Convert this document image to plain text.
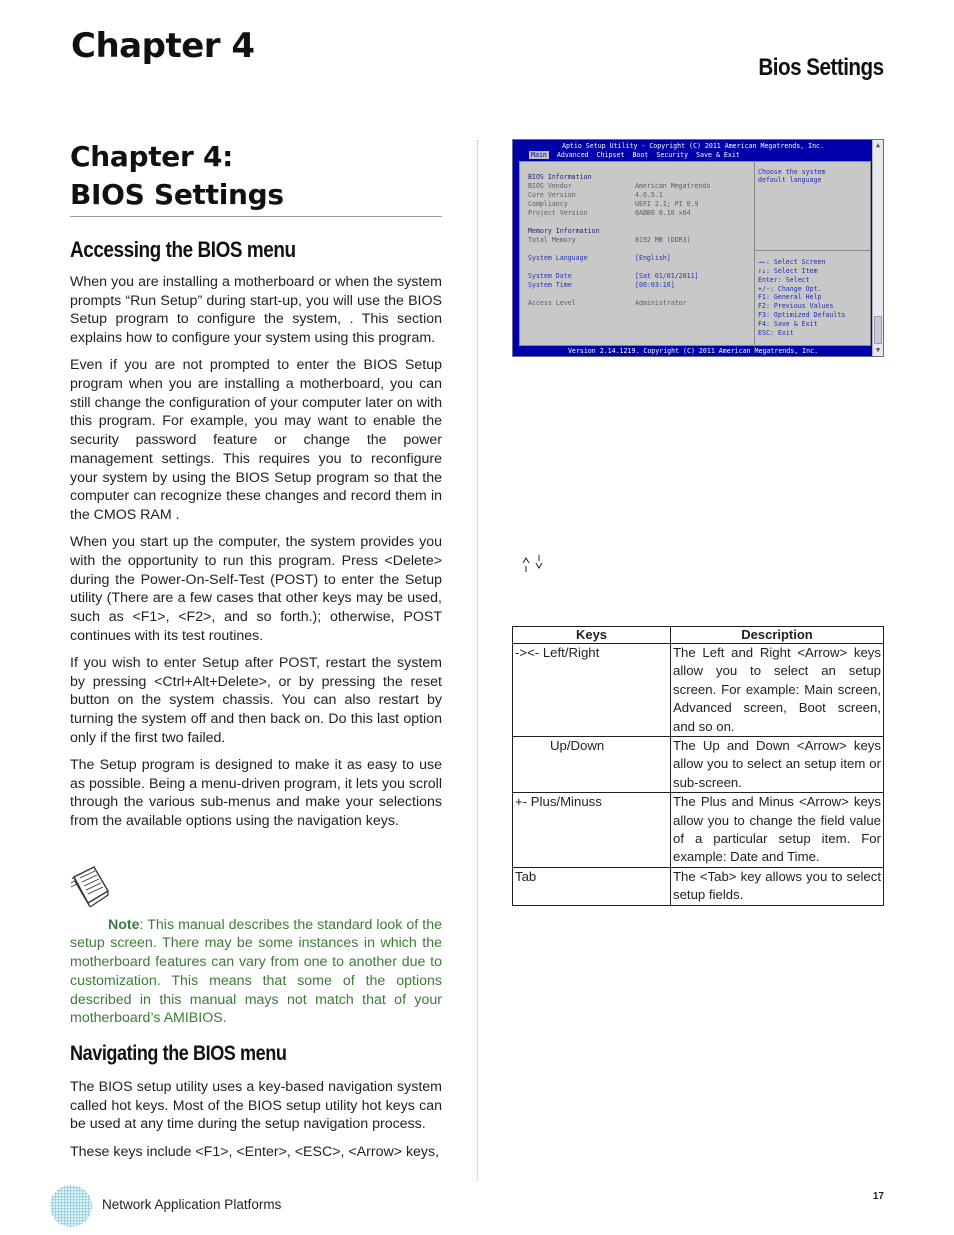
Chapter 4
Bios Settings
Chapter 4:
BIOS Settings
Accessing the BIOS menu

When you are installing a motherboard or when the system prompts “Run Setup” during start-up, you will use the BIOS Setup program to configure the system, . This section explains how to configure your system using this program.

Even if you are not prompted to enter the BIOS Setup program when you are installing a motherboard, you can still change the configuration of your computer later on with this program. For example, you may want to enable the security password feature or change the power management settings. This requires you to reconfigure your system by using the BIOS Setup program so that the computer can recognize these changes and record them in the CMOS RAM .

When you start up the computer, the system provides you with the opportunity to run this program. Press <Delete> during the Power-On-Self-Test (POST) to enter the Setup utility (There are a few cases that other keys may be used, such as <F1>, <F2>, and so forth.); otherwise, POST continues with its test routines.

If you wish to enter Setup after POST, restart the system by pressing <Ctrl+Alt+Delete>, or by pressing the reset button on the system chassis. You can also restart by turning the system off and then back on. Do this last option only if the first two failed.

The Setup program is designed to make it as easy to use as possible. Being a menu-driven program, it lets you scroll through the various sub-menus and make your selections from the available options using the navigation keys.

Note: This manual describes the standard look of the setup screen. There may be some instances in which the motherboard features can vary from one to another due to customization. This means that some of the options described in this manual mays not match that of your motherboard’s AMIBIOS.

Navigating the BIOS menu

The BIOS setup utility uses a key-based navigation system called hot keys. Most of the BIOS setup utility hot keys can be used at any time during the setup navigation process.

These keys include <F1>, <Enter>, <ESC>, <Arrow> keys,

Aptio Setup Utility - Copyright (C) 2011 American Megatrends, Inc.
Main	Advanced Chipset Boot Security Save & Exit
BIOS Information
BIOS Vendor	American Megatrends
Core Version	4.6.5.1
Compliancy	UEFI 2.1; PI 0.9
Project Version	0ABB0 0.10 x64
Memory Information
Total Memory	8192 MB (DDR3)
System Language	[English]
System Date	[Sat 01/01/2011]
System Time	[00:03:16]
Access Level	Administrator
Choose the system
default language
→←: Select Screen
↑↓: Select Item
Enter: Select
+/-: Change Opt.
F1: General Help
F2: Previous Values
F3: Optimized Defaults
F4: Save & Exit
ESC: Exit
Version 2.14.1219. Copyright (C) 2011 American Megatrends, Inc.
▲
▼
Keys	Description
-><- Left/Right	The Left and Right <Arrow> keys allow you to select an setup screen. For example: Main screen, Advanced screen, Boot screen, and so on.
Up/Down	The Up and Down <Arrow> keys allow you to select an setup item or sub-screen.
+- Plus/Minuss	The Plus and Minus <Arrow> keys allow you to change the field value of a particular setup item. For example: Date and Time.
Tab	The <Tab> key allows you to select setup fields.
Network Application Platforms
17
